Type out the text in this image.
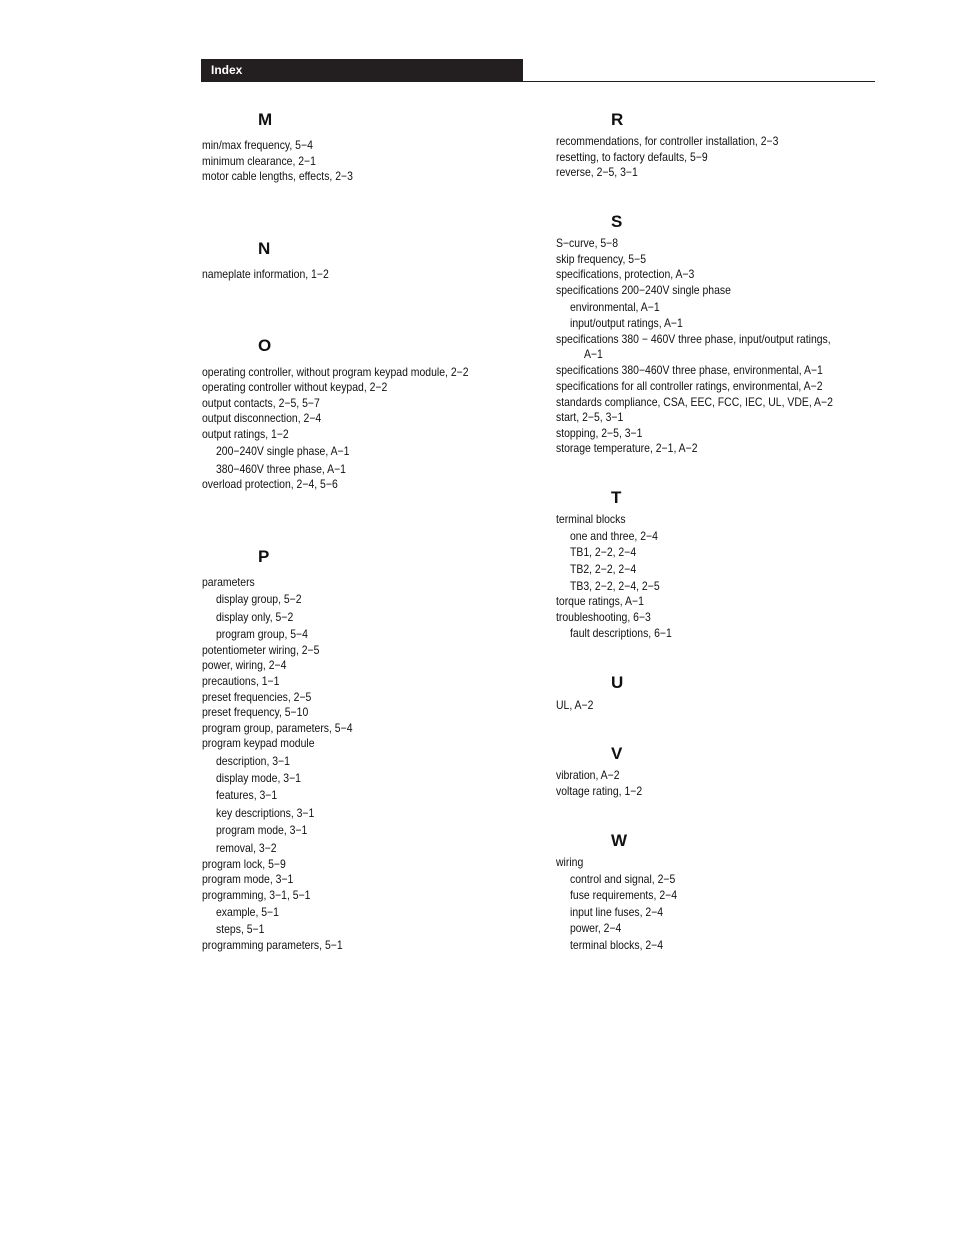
Index
M
min/max frequency, 5−4
minimum clearance, 2−1
motor cable lengths, effects, 2−3
N
nameplate information, 1−2
O
operating controller, without program keypad module, 2−2
operating controller without keypad, 2−2
output contacts, 2−5, 5−7
output disconnection, 2−4
output ratings, 1−2
200−240V single phase, A−1
380−460V three phase, A−1
overload protection, 2−4, 5−6
P
parameters
display group, 5−2
display only, 5−2
program group, 5−4
potentiometer wiring, 2−5
power, wiring, 2−4
precautions, 1−1
preset frequencies, 2−5
preset frequency, 5−10
program group, parameters, 5−4
program keypad module
description, 3−1
display mode, 3−1
features, 3−1
key descriptions, 3−1
program mode, 3−1
removal, 3−2
program lock, 5−9
program mode, 3−1
programming, 3−1, 5−1
example, 5−1
steps, 5−1
programming parameters, 5−1
R
recommendations, for controller installation, 2−3
resetting, to factory defaults, 5−9
reverse, 2−5, 3−1
S
S−curve, 5−8
skip frequency, 5−5
specifications, protection, A−3
specifications 200−240V single phase
environmental, A−1
input/output ratings, A−1
specifications 380 − 460V three phase, input/output ratings,
A−1
specifications 380−460V three phase, environmental, A−1
specifications for all controller ratings, environmental, A−2
standards compliance, CSA, EEC, FCC, IEC, UL, VDE, A−2
start, 2−5, 3−1
stopping, 2−5, 3−1
storage temperature, 2−1, A−2
T
terminal blocks
one and three, 2−4
TB1, 2−2, 2−4
TB2, 2−2, 2−4
TB3, 2−2, 2−4, 2−5
torque ratings, A−1
troubleshooting, 6−3
fault descriptions, 6−1
U
UL, A−2
V
vibration, A−2
voltage rating, 1−2
W
wiring
control and signal, 2−5
fuse requirements, 2−4
input line fuses, 2−4
power, 2−4
terminal blocks, 2−4
